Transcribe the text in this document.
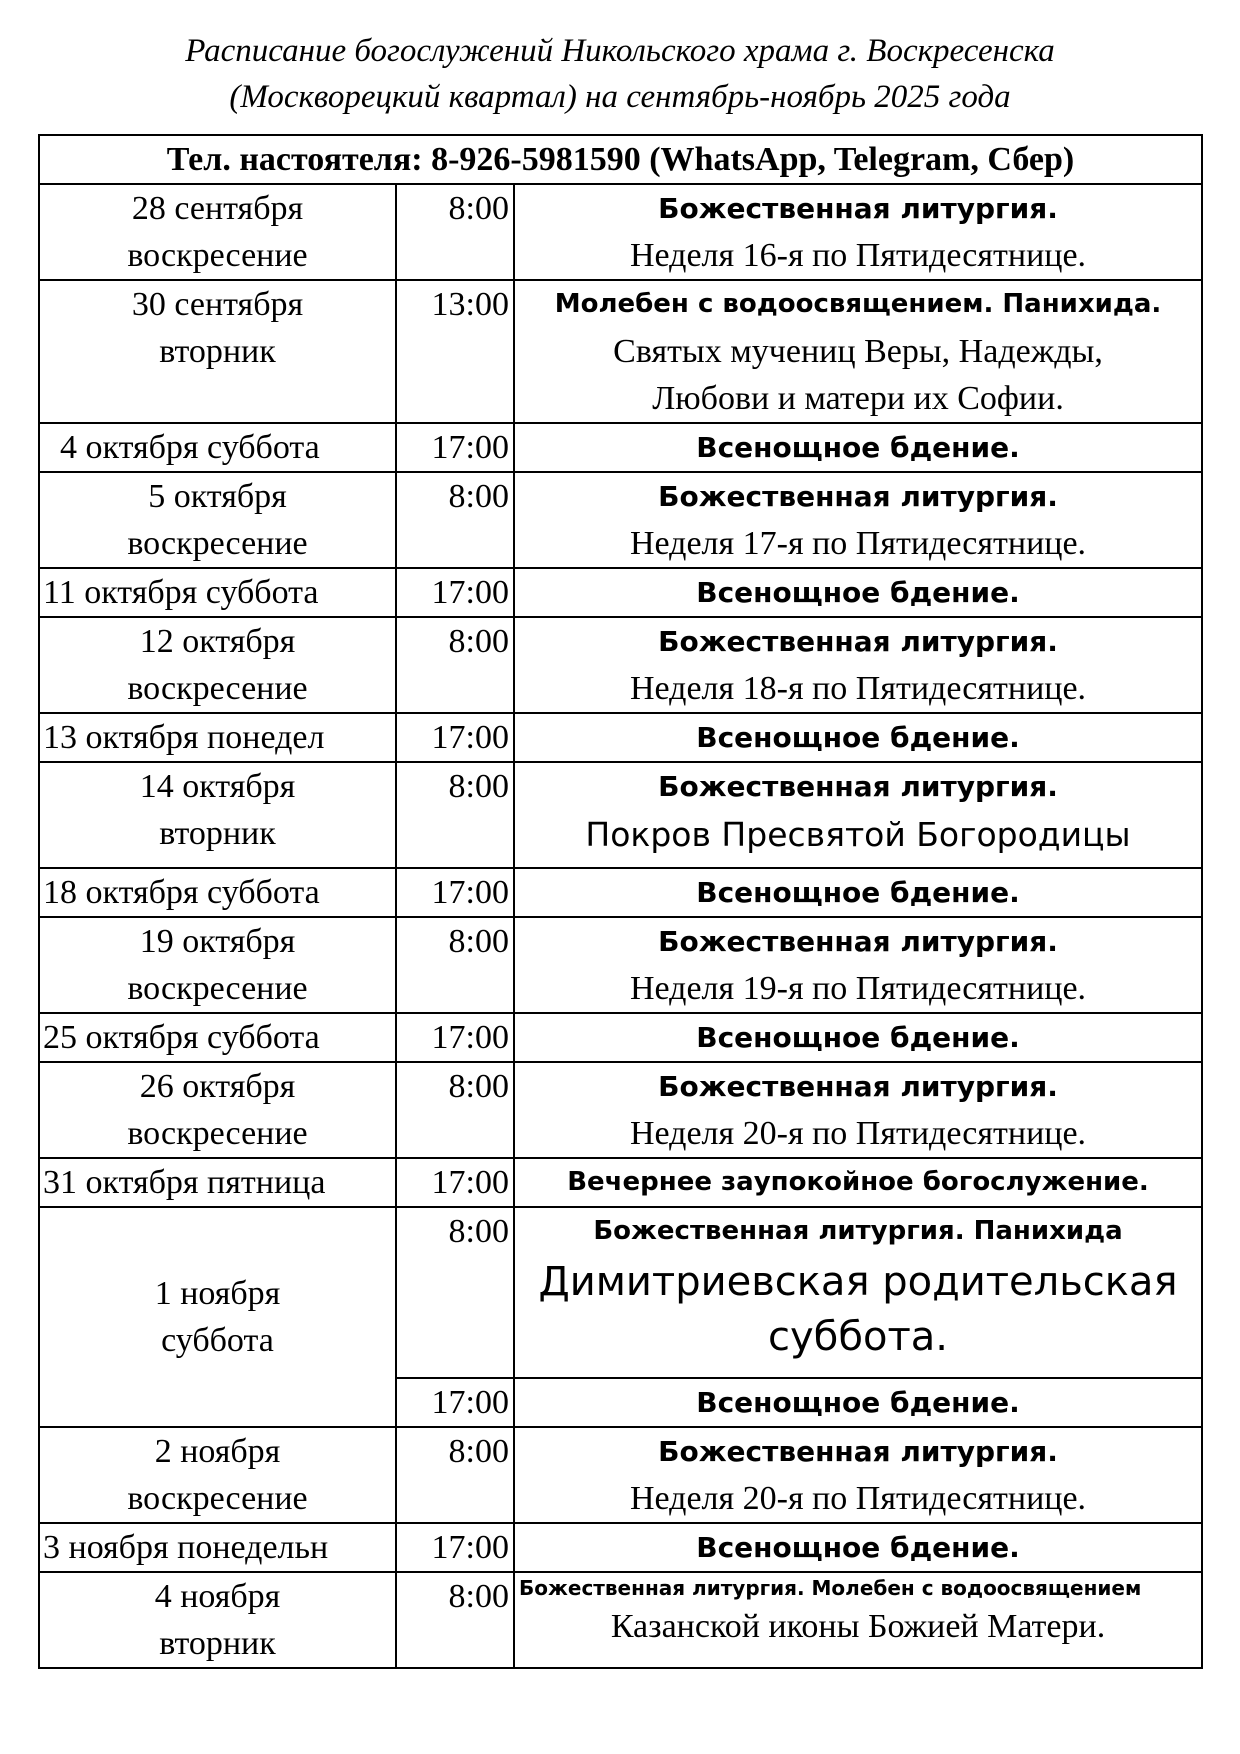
Расписание богослужений Никольского храма г. Воскресенска
(Москворецкий квартал) на сентябрь-ноябрь 2025 года
Тел. настоятеля: 8-926-5981590 (WhatsApp, Telegram, Сбер)		

28 сентября
воскресение	8:00	Божественная литургия.
Неделя 16-я по Пятидесятнице.

30 сентября
вторник	13:00	Молебен с водоосвящением. Панихида.
Святых мучениц Веры, Надежды,
Любови и матери их Софии.

4 октября суббота	17:00	Всенощное бдение.

5 октября
воскресение	8:00	Божественная литургия.
Неделя 17-я по Пятидесятнице.

11 октября суббота	17:00	Всенощное бдение.

12 октября
воскресение	8:00	Божественная литургия.
Неделя 18-я по Пятидесятнице.

13 октября понедел	17:00	Всенощное бдение.

14 октября
вторник	8:00	Божественная литургия.
Покров Пресвятой Богородицы

18 октября суббота	17:00	Всенощное бдение.

19 октября
воскресение	8:00	Божественная литургия.
Неделя 19-я по Пятидесятнице.

25 октября суббота	17:00	Всенощное бдение.

26 октября
воскресение	8:00	Божественная литургия.
Неделя 20-я по Пятидесятнице.

31 октября пятница	17:00	Вечернее заупокойное богослужение.

1 ноября
суббота	8:00	Божественная литургия. Панихида
Димитриевская родительская
суббота.

	17:00	Всенощное бдение.

2 ноября
воскресение	8:00	Божественная литургия.
Неделя 20-я по Пятидесятнице.

3 ноября понедельн	17:00	Всенощное бдение.

4 ноября
вторник	8:00	Божественная литургия. Молебен с водоосвящением
Казанской иконы Божией Матери.
